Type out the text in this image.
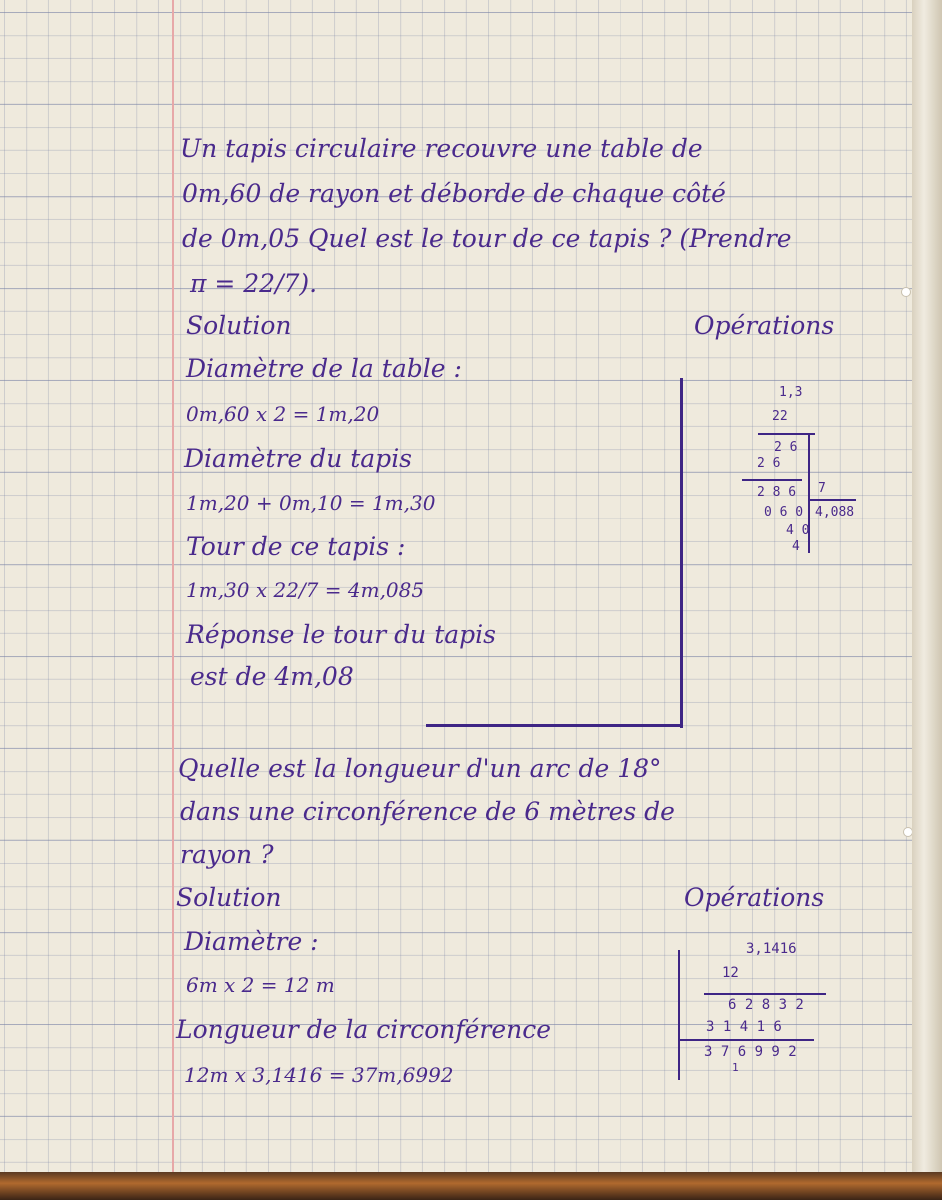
Un tapis circulaire recouvre une table de
0m,60 de rayon et déborde de chaque côté
de 0m,05 Quel est le tour de ce tapis ? (Prendre
π = 22/7).
Solution	Opérations
Diamètre de la table :
0m,60 x 2 = 1m,20
Diamètre du tapis
1m,20 + 0m,10 = 1m,30
Tour de ce tapis :
1m,30 x 22/7 = 4m,085
Réponse le tour du tapis
est de 4m,08
1,3
22
2 6
2 6
2 8 6 7
4,088
0 6 0
4 0
4
Quelle est la longueur d'un arc de 18°
dans une circonférence de 6 mètres de
rayon ?
Solution	Opérations
Diamètre :
6m x 2 = 12 m
Longueur de la circonférence
12m x 3,1416 = 37m,6992
3,1416
12
6 2 8 3 2
3 1 4 1 6
3 7 6 9 9 2
1
